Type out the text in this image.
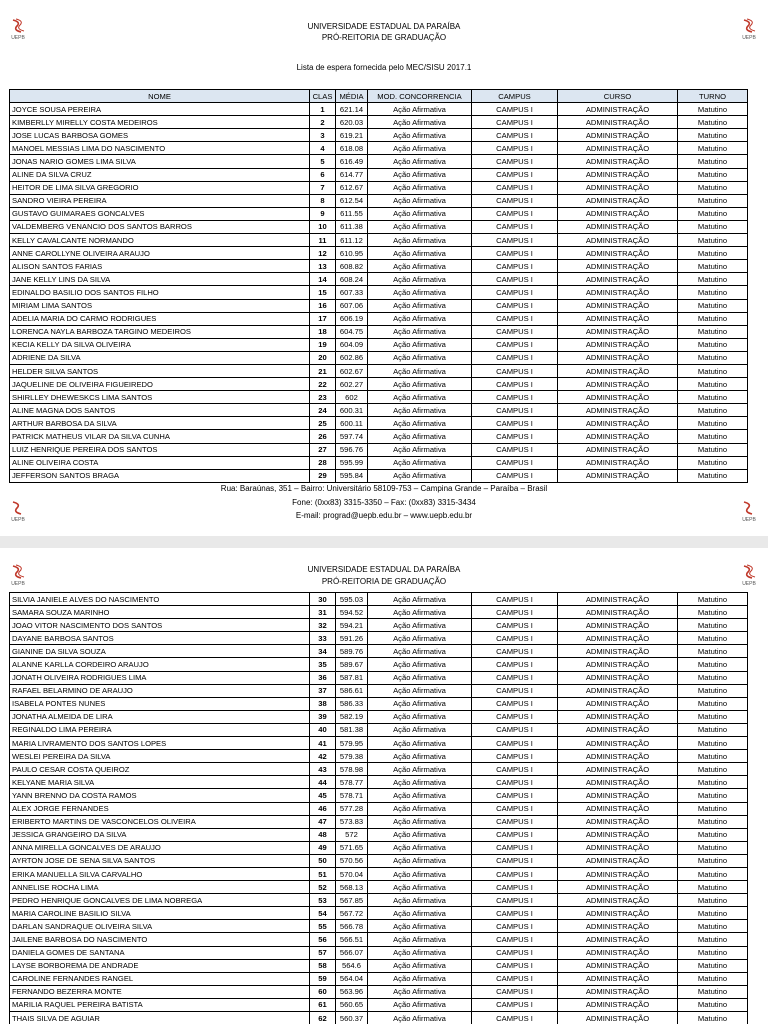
UEPB	UEPB
UNIVERSIDADE ESTADUAL DA PARAÍBA
PRÓ-REITORIA DE GRADUAÇÃO
Lista de espera fornecida pelo MEC/SISU 2017.1
NOME	CLAS	MÉDIA	MOD. CONCORRENCIA	CAMPUS	CURSO	TURNO
JOYCE SOUSA PEREIRA	1	621.14	Ação Afirmativa	CAMPUS I	ADMINISTRAÇÃO	Matutino
KIMBERLLY MIRELLY COSTA MEDEIROS	2	620.03	Ação Afirmativa	CAMPUS I	ADMINISTRAÇÃO	Matutino
JOSE LUCAS BARBOSA GOMES	3	619.21	Ação Afirmativa	CAMPUS I	ADMINISTRAÇÃO	Matutino
MANOEL MESSIAS LIMA DO NASCIMENTO	4	618.08	Ação Afirmativa	CAMPUS I	ADMINISTRAÇÃO	Matutino
JONAS NARIO GOMES LIMA SILVA	5	616.49	Ação Afirmativa	CAMPUS I	ADMINISTRAÇÃO	Matutino
ALINE DA SILVA CRUZ	6	614.77	Ação Afirmativa	CAMPUS I	ADMINISTRAÇÃO	Matutino
HEITOR DE LIMA SILVA GREGORIO	7	612.67	Ação Afirmativa	CAMPUS I	ADMINISTRAÇÃO	Matutino
SANDRO VIEIRA PEREIRA	8	612.54	Ação Afirmativa	CAMPUS I	ADMINISTRAÇÃO	Matutino
GUSTAVO GUIMARAES GONCALVES	9	611.55	Ação Afirmativa	CAMPUS I	ADMINISTRAÇÃO	Matutino
VALDEMBERG VENANCIO DOS SANTOS BARROS	10	611.38	Ação Afirmativa	CAMPUS I	ADMINISTRAÇÃO	Matutino
KELLY CAVALCANTE NORMANDO	11	611.12	Ação Afirmativa	CAMPUS I	ADMINISTRAÇÃO	Matutino
ANNE CAROLLYNE OLIVEIRA ARAUJO	12	610.95	Ação Afirmativa	CAMPUS I	ADMINISTRAÇÃO	Matutino
ALISON SANTOS FARIAS	13	608.82	Ação Afirmativa	CAMPUS I	ADMINISTRAÇÃO	Matutino
JANE KELLY LINS DA SILVA	14	608.24	Ação Afirmativa	CAMPUS I	ADMINISTRAÇÃO	Matutino
EDINALDO BASILIO DOS SANTOS FILHO	15	607.33	Ação Afirmativa	CAMPUS I	ADMINISTRAÇÃO	Matutino
MIRIAM LIMA SANTOS	16	607.06	Ação Afirmativa	CAMPUS I	ADMINISTRAÇÃO	Matutino
ADELIA MARIA DO CARMO RODRIGUES	17	606.19	Ação Afirmativa	CAMPUS I	ADMINISTRAÇÃO	Matutino
LORENCA NAYLA BARBOZA TARGINO MEDEIROS	18	604.75	Ação Afirmativa	CAMPUS I	ADMINISTRAÇÃO	Matutino
KECIA KELLY DA SILVA OLIVEIRA	19	604.09	Ação Afirmativa	CAMPUS I	ADMINISTRAÇÃO	Matutino
ADRIENE DA SILVA	20	602.86	Ação Afirmativa	CAMPUS I	ADMINISTRAÇÃO	Matutino
HELDER SILVA SANTOS	21	602.67	Ação Afirmativa	CAMPUS I	ADMINISTRAÇÃO	Matutino
JAQUELINE DE OLIVEIRA FIGUEIREDO	22	602.27	Ação Afirmativa	CAMPUS I	ADMINISTRAÇÃO	Matutino
SHIRLLEY DHEWESKCS LIMA SANTOS	23	602	Ação Afirmativa	CAMPUS I	ADMINISTRAÇÃO	Matutino
ALINE MAGNA DOS SANTOS	24	600.31	Ação Afirmativa	CAMPUS I	ADMINISTRAÇÃO	Matutino
ARTHUR BARBOSA DA SILVA	25	600.11	Ação Afirmativa	CAMPUS I	ADMINISTRAÇÃO	Matutino
PATRICK MATHEUS VILAR DA SILVA CUNHA	26	597.74	Ação Afirmativa	CAMPUS I	ADMINISTRAÇÃO	Matutino
LUIZ HENRIQUE PEREIRA DOS SANTOS	27	596.76	Ação Afirmativa	CAMPUS I	ADMINISTRAÇÃO	Matutino
ALINE OLIVEIRA COSTA	28	595.99	Ação Afirmativa	CAMPUS I	ADMINISTRAÇÃO	Matutino
JEFFERSON SANTOS BRAGA	29	595.84	Ação Afirmativa	CAMPUS I	ADMINISTRAÇÃO	Matutino
Rua: Baraúnas, 351 – Bairro: Universitário 58109-753 – Campina Grande – Paraíba – Brasil
Fone: (0xx83) 3315-3350 – Fax: (0xx83) 3315-3434
E-mail: prograd@uepb.edu.br – www.uepb.edu.br
UEPB	UEPB
UEPB	UEPB
UNIVERSIDADE ESTADUAL DA PARAÍBA
PRÓ-REITORIA DE GRADUAÇÃO
SILVIA JANIELE ALVES DO NASCIMENTO	30	595.03	Ação Afirmativa	CAMPUS I	ADMINISTRAÇÃO	Matutino
SAMARA SOUZA MARINHO	31	594.52	Ação Afirmativa	CAMPUS I	ADMINISTRAÇÃO	Matutino
JOAO VITOR NASCIMENTO DOS SANTOS	32	594.21	Ação Afirmativa	CAMPUS I	ADMINISTRAÇÃO	Matutino
DAYANE BARBOSA SANTOS	33	591.26	Ação Afirmativa	CAMPUS I	ADMINISTRAÇÃO	Matutino
GIANINE DA SILVA SOUZA	34	589.76	Ação Afirmativa	CAMPUS I	ADMINISTRAÇÃO	Matutino
ALANNE KARLLA CORDEIRO ARAUJO	35	589.67	Ação Afirmativa	CAMPUS I	ADMINISTRAÇÃO	Matutino
JONATH OLIVEIRA RODRIGUES LIMA	36	587.81	Ação Afirmativa	CAMPUS I	ADMINISTRAÇÃO	Matutino
RAFAEL BELARMINO DE ARAUJO	37	586.61	Ação Afirmativa	CAMPUS I	ADMINISTRAÇÃO	Matutino
ISABELA PONTES NUNES	38	586.33	Ação Afirmativa	CAMPUS I	ADMINISTRAÇÃO	Matutino
JONATHA ALMEIDA DE LIRA	39	582.19	Ação Afirmativa	CAMPUS I	ADMINISTRAÇÃO	Matutino
REGINALDO LIMA PEREIRA	40	581.38	Ação Afirmativa	CAMPUS I	ADMINISTRAÇÃO	Matutino
MARIA LIVRAMENTO DOS SANTOS LOPES	41	579.95	Ação Afirmativa	CAMPUS I	ADMINISTRAÇÃO	Matutino
WESLEI PEREIRA DA SILVA	42	579.38	Ação Afirmativa	CAMPUS I	ADMINISTRAÇÃO	Matutino
PAULO CESAR COSTA QUEIROZ	43	578.98	Ação Afirmativa	CAMPUS I	ADMINISTRAÇÃO	Matutino
KELYANE MARIA SILVA	44	578.77	Ação Afirmativa	CAMPUS I	ADMINISTRAÇÃO	Matutino
YANN BRENNO DA COSTA RAMOS	45	578.71	Ação Afirmativa	CAMPUS I	ADMINISTRAÇÃO	Matutino
ALEX JORGE FERNANDES	46	577.28	Ação Afirmativa	CAMPUS I	ADMINISTRAÇÃO	Matutino
ERIBERTO MARTINS DE VASCONCELOS OLIVEIRA	47	573.83	Ação Afirmativa	CAMPUS I	ADMINISTRAÇÃO	Matutino
JESSICA GRANGEIRO DA SILVA	48	572	Ação Afirmativa	CAMPUS I	ADMINISTRAÇÃO	Matutino
ANNA MIRELLA GONCALVES DE ARAUJO	49	571.65	Ação Afirmativa	CAMPUS I	ADMINISTRAÇÃO	Matutino
AYRTON JOSE DE SENA SILVA SANTOS	50	570.56	Ação Afirmativa	CAMPUS I	ADMINISTRAÇÃO	Matutino
ERIKA MANUELLA SILVA CARVALHO	51	570.04	Ação Afirmativa	CAMPUS I	ADMINISTRAÇÃO	Matutino
ANNELISE ROCHA LIMA	52	568.13	Ação Afirmativa	CAMPUS I	ADMINISTRAÇÃO	Matutino
PEDRO HENRIQUE GONCALVES DE LIMA NOBREGA	53	567.85	Ação Afirmativa	CAMPUS I	ADMINISTRAÇÃO	Matutino
MARIA CAROLINE BASILIO SILVA	54	567.72	Ação Afirmativa	CAMPUS I	ADMINISTRAÇÃO	Matutino
DARLAN SANDRAQUE OLIVEIRA SILVA	55	566.78	Ação Afirmativa	CAMPUS I	ADMINISTRAÇÃO	Matutino
JAILENE BARBOSA DO NASCIMENTO	56	566.51	Ação Afirmativa	CAMPUS I	ADMINISTRAÇÃO	Matutino
DANIELA GOMES DE SANTANA	57	566.07	Ação Afirmativa	CAMPUS I	ADMINISTRAÇÃO	Matutino
LAYSE BORBOREMA DE ANDRADE	58	564.6	Ação Afirmativa	CAMPUS I	ADMINISTRAÇÃO	Matutino
CAROLINE FERNANDES RANGEL	59	564.04	Ação Afirmativa	CAMPUS I	ADMINISTRAÇÃO	Matutino
FERNANDO BEZERRA MONTE	60	563.96	Ação Afirmativa	CAMPUS I	ADMINISTRAÇÃO	Matutino
MARILIA RAQUEL PEREIRA BATISTA	61	560.65	Ação Afirmativa	CAMPUS I	ADMINISTRAÇÃO	Matutino
THAIS SILVA DE AGUIAR	62	560.37	Ação Afirmativa	CAMPUS I	ADMINISTRAÇÃO	Matutino
